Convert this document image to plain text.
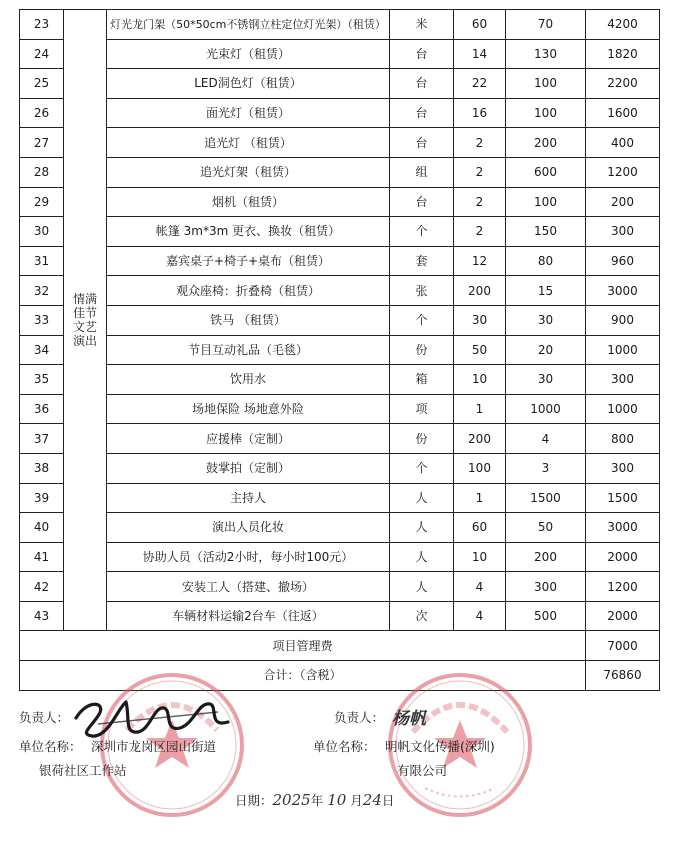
23	情满佳节文艺演出	灯光龙门架（50*50cm不锈钢立柱定位灯光架）（租赁）	米	60	70	4200
24		光束灯（租赁）	台	14	130	1820
25		LED洞色灯（租赁）	台	22	100	2200
26		面光灯（租赁）	台	16	100	1600
27		追光灯 （租赁）	台	2	200	400
28		追光灯架（租赁）	组	2	600	1200
29		烟机（租赁）	台	2	100	200
30		帐篷 3m*3m 更衣、换妆（租赁）	个	2	150	300
31		嘉宾桌子+椅子+桌布（租赁）	套	12	80	960
32		观众座椅：折叠椅（租赁）	张	200	15	3000
33		铁马 （租赁）	个	30	30	900
34		节目互动礼品（毛毯）	份	50	20	1000
35		饮用水	箱	10	30	300
36		场地保险 场地意外险	项	1	1000	1000
37		应援棒（定制）	份	200	4	800
38		鼓掌拍（定制）	个	100	3	300
39		主持人	人	1	1500	1500
40		演出人员化妆	人	60	50	3000
41		协助人员（活动2小时，每小时100元）	人	10	200	2000
42		安装工人（搭建、撤场）	人	4	300	1200
43		车辆材料运输2台车（往返）	次	4	500	2000
项目管理费						7000
合计：（含税）						76860
负责人：
单位名称： 深圳市龙岗区园山街道
银荷社区工作站
负责人： 杨帆
单位名称： 明帆文化传播(深圳)
有限公司
日期：2025年 10 月24日
